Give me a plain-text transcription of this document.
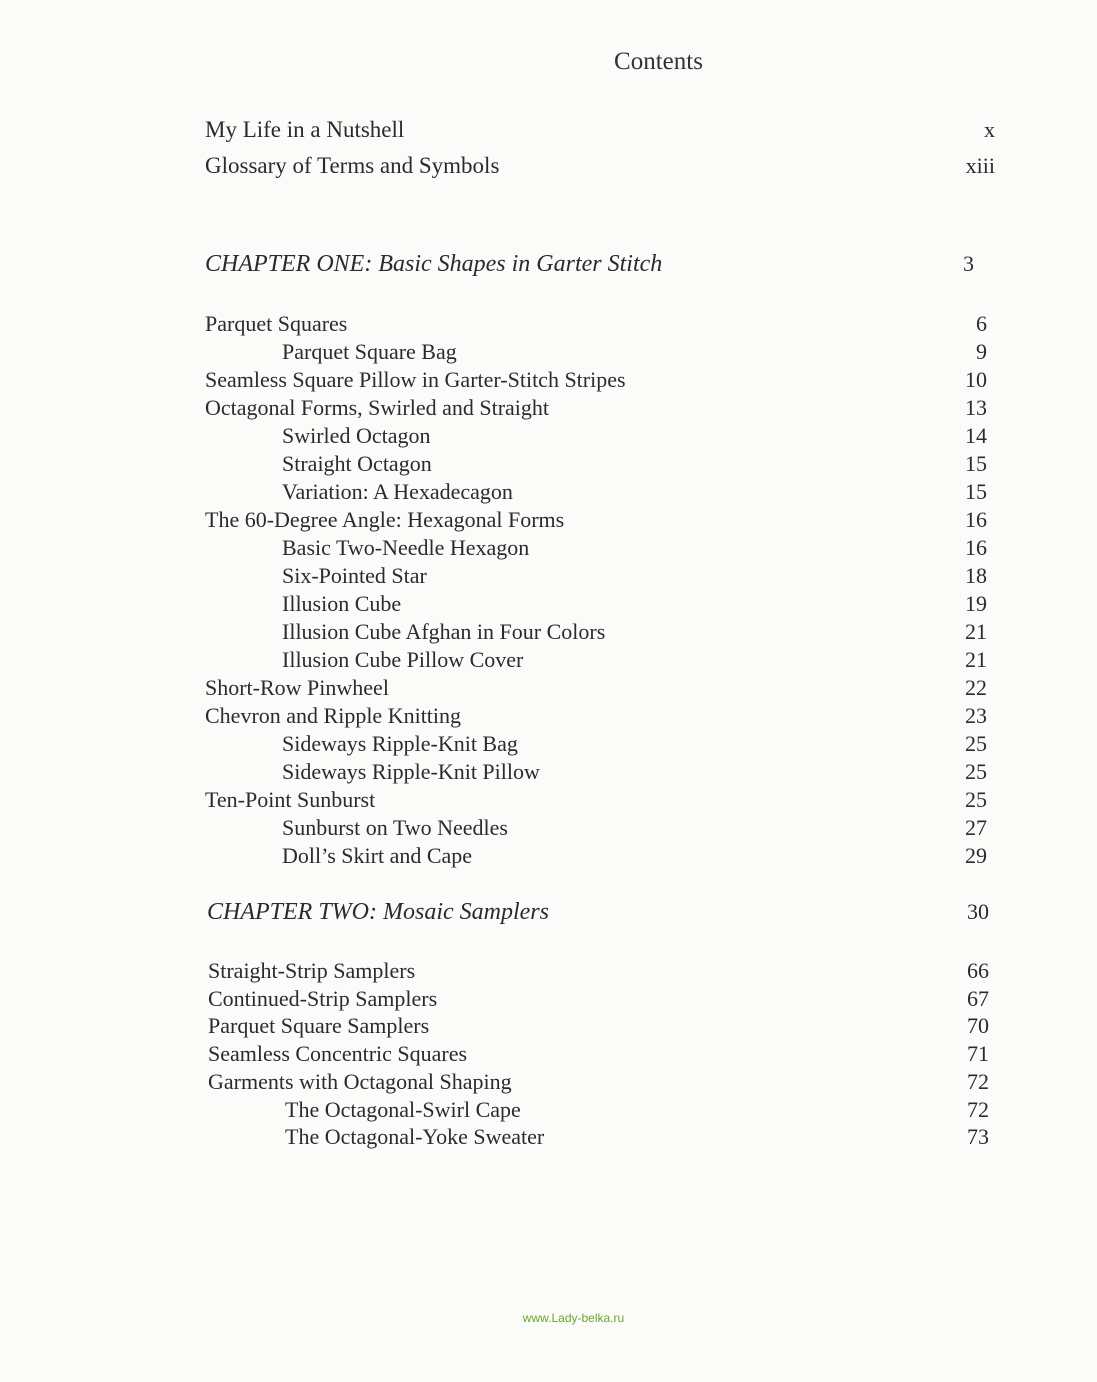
Contents
My Life in a Nutshell	x
Glossary of Terms and Symbols	xiii
CHAPTER ONE: Basic Shapes in Garter Stitch	3
Parquet Squares	6
Parquet Square Bag	9
Seamless Square Pillow in Garter-Stitch Stripes	10
Octagonal Forms, Swirled and Straight	13
Swirled Octagon	14
Straight Octagon	15
Variation: A Hexadecagon	15
The 60-Degree Angle: Hexagonal Forms	16
Basic Two-Needle Hexagon	16
Six-Pointed Star	18
Illusion Cube	19
Illusion Cube Afghan in Four Colors	21
Illusion Cube Pillow Cover	21
Short-Row Pinwheel	22
Chevron and Ripple Knitting	23
Sideways Ripple-Knit Bag	25
Sideways Ripple-Knit Pillow	25
Ten-Point Sunburst	25
Sunburst on Two Needles	27
Doll’s Skirt and Cape	29
CHAPTER TWO: Mosaic Samplers	30
Straight-Strip Samplers	66
Continued-Strip Samplers	67
Parquet Square Samplers	70
Seamless Concentric Squares	71
Garments with Octagonal Shaping	72
The Octagonal-Swirl Cape	72
The Octagonal-Yoke Sweater	73
www.Lady-belka.ru
